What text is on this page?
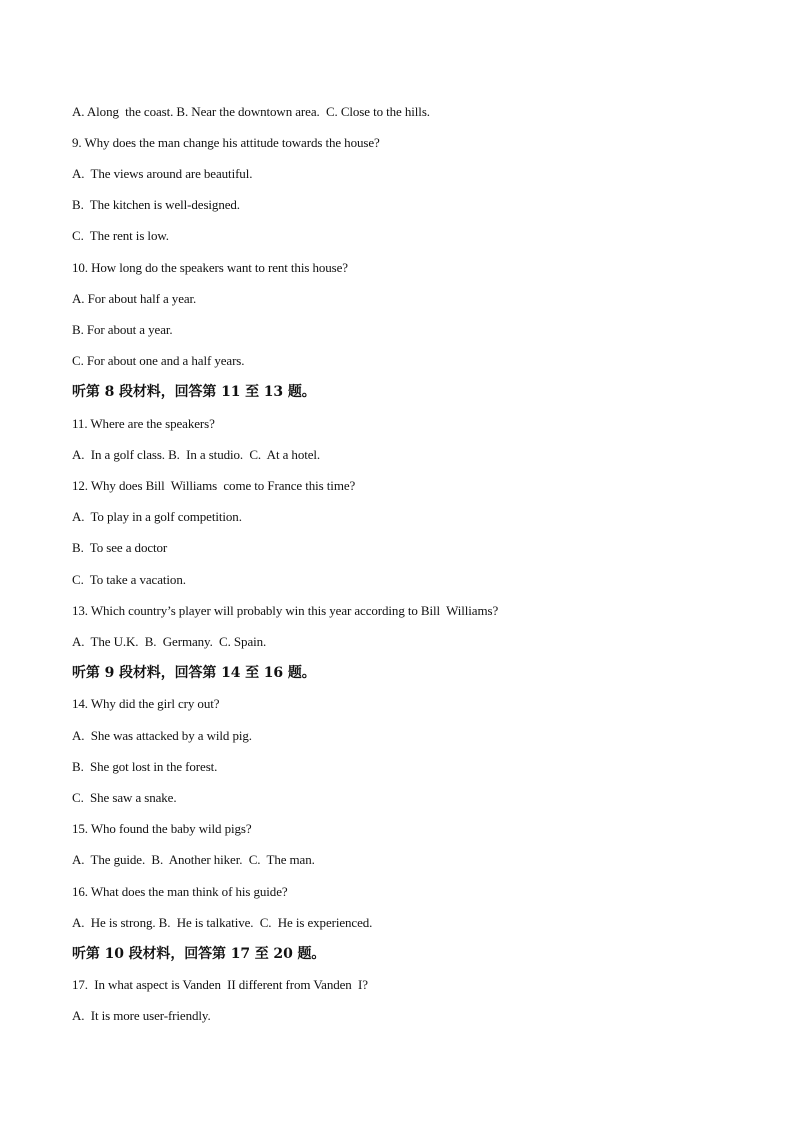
A. Along  the coast. B. Near the downtown area.  C. Close to the hills.
9. Why does the man change his attitude towards the house?
A.  The views around are beautiful.
B.  The kitchen is well-designed.
C.  The rent is low.
10. How long do the speakers want to rent this house?
A. For about half a year.
B. For about a year.
C. For about one and a half years.
听第 8 段材料，回答第 11 至 13 题。
11. Where are the speakers?
A.  In a golf class. B.  In a studio.  C.  At a hotel.
12. Why does Bill  Williams  come to France this time?
A.  To play in a golf competition.
B.  To see a doctor
C.  To take a vacation.
13. Which country’s player will probably win this year according to Bill  Williams?
A.  The U.K.  B.  Germany.  C. Spain.
听第 9 段材料，回答第 14 至 16 题。
14. Why did the girl cry out?
A.  She was attacked by a wild pig.
B.  She got lost in the forest.
C.  She saw a snake.
15. Who found the baby wild pigs?
A.  The guide.  B.  Another hiker.  C.  The man.
16. What does the man think of his guide?
A.  He is strong. B.  He is talkative.  C.  He is experienced.
听第 10 段材料，回答第 17 至 20 题。
17.  In what aspect is Vanden  II different from Vanden  I?
A.  It is more user-friendly.
